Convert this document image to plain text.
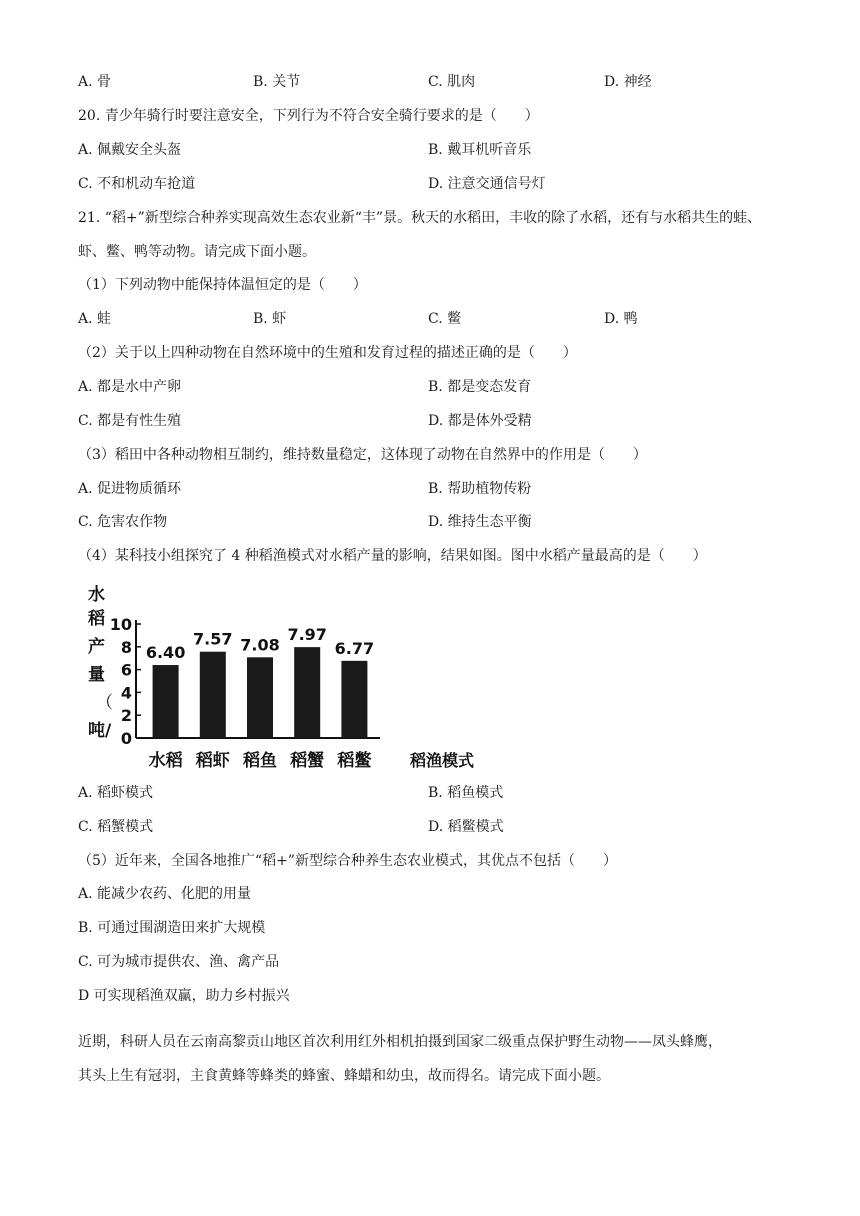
A. 骨	B. 关节	C. 肌肉	D. 神经
20. 青少年骑行时要注意安全，下列行为不符合安全骑行要求的是（　　）
A. 佩戴安全头盔	B. 戴耳机听音乐
C. 不和机动车抢道	D. 注意交通信号灯
21. “稻+”新型综合种养实现高效生态农业新“丰”景。秋天的水稻田，丰收的除了水稻，还有与水稻共生的蛙、
虾、鳖、鸭等动物。请完成下面小题。
（1）下列动物中能保持体温恒定的是（　　）
A. 蛙	B. 虾	C. 鳖	D. 鸭
（2）关于以上四种动物在自然环境中的生殖和发育过程的描述正确的是（　　）
A. 都是水中产卵	B. 都是变态发育
C. 都是有性生殖	D. 都是体外受精
（3）稻田中各种动物相互制约，维持数量稳定，这体现了动物在自然界中的作用是（　　）
A. 促进物质循环	B. 帮助植物传粉
C. 危害农作物	D. 维持生态平衡
（4）某科技小组探究了 4 种稻渔模式对水稻产量的影响，结果如图。图中水稻产量最高的是（　　）
水
稻
产
量
（
吨/ 0
2
4
6
8
10
6.40
水稻
7.57
稻虾
7.08
稻鱼
7.97
稻蟹
6.77
稻鳖 稻渔模式
A. 稻虾模式	B. 稻鱼模式
C. 稻蟹模式	D. 稻鳖模式
（5）近年来，全国各地推广“稻+”新型综合种养生态农业模式，其优点不包括（　　）
A. 能减少农药、化肥的用量
B. 可通过围湖造田来扩大规模
C. 可为城市提供农、渔、禽产品
D 可实现稻渔双赢，助力乡村振兴
近期，科研人员在云南高黎贡山地区首次利用红外相机拍摄到国家二级重点保护野生动物——凤头蜂鹰，
其头上生有冠羽，主食黄蜂等蜂类的蜂蜜、蜂蜡和幼虫，故而得名。请完成下面小题。
